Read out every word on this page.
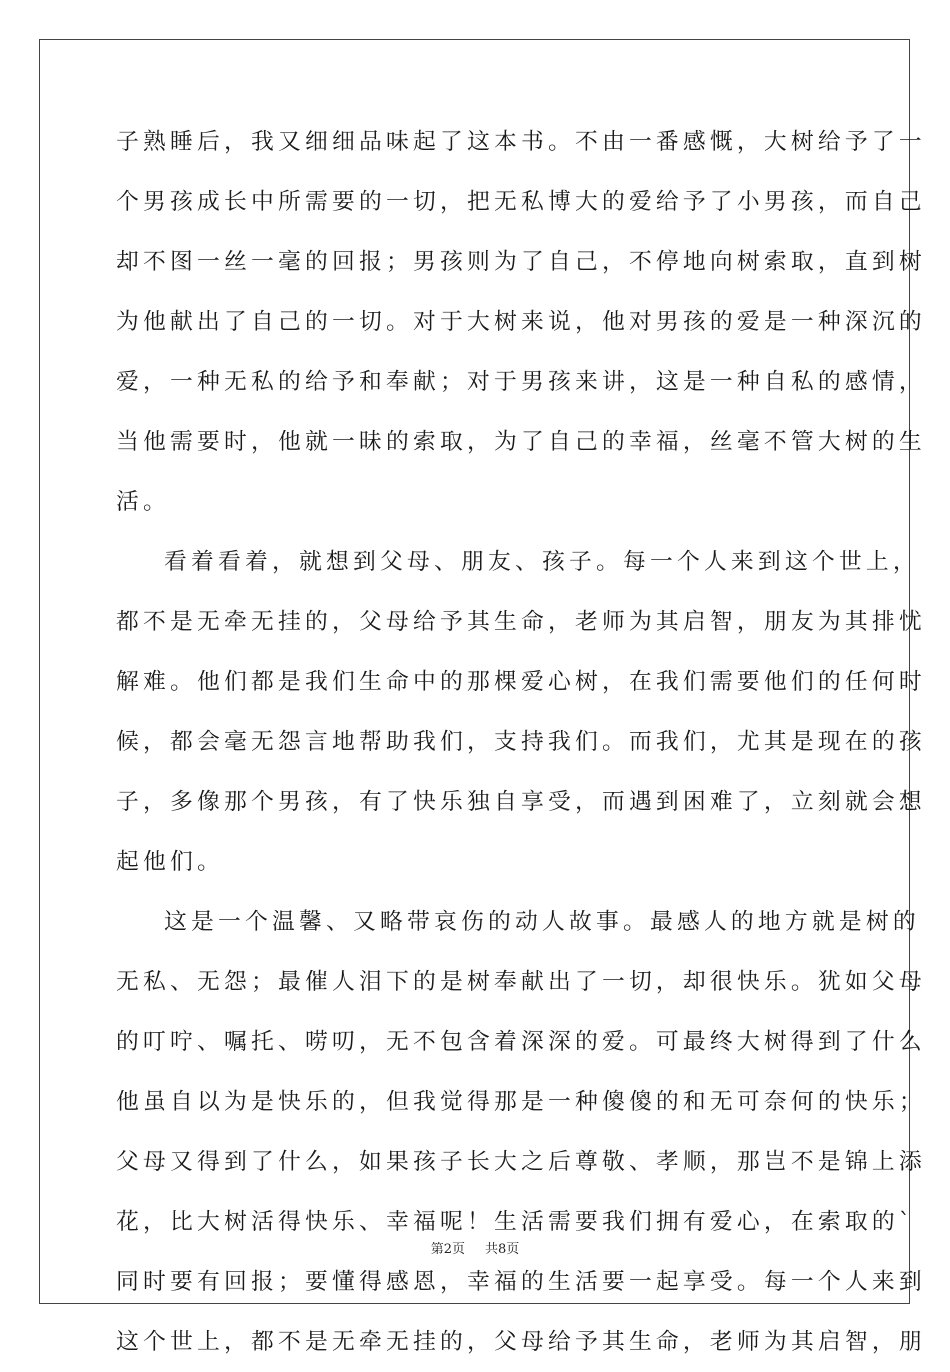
子熟睡后，我又细细品味起了这本书。不由一番感慨，大树给予了一
个男孩成长中所需要的一切，把无私博大的爱给予了小男孩，而自己
却不图一丝一毫的回报；男孩则为了自己，不停地向树索取，直到树
为他献出了自己的一切。对于大树来说，他对男孩的爱是一种深沉的
爱，一种无私的给予和奉献；对于男孩来讲，这是一种自私的感情，
当他需要时，他就一昧的索取，为了自己的幸福，丝毫不管大树的生
活。
看着看着，就想到父母、朋友、孩子。每一个人来到这个世上，
都不是无牵无挂的，父母给予其生命，老师为其启智，朋友为其排忧
解难。他们都是我们生命中的那棵爱心树，在我们需要他们的任何时
候，都会毫无怨言地帮助我们，支持我们。而我们，尤其是现在的孩
子，多像那个男孩，有了快乐独自享受，而遇到困难了，立刻就会想
起他们。
这是一个温馨、又略带哀伤的动人故事。最感人的地方就是树的
无私、无怨；最催人泪下的是树奉献出了一切，却很快乐。犹如父母
的叮咛、嘱托、唠叨，无不包含着深深的爱。可最终大树得到了什么
他虽自以为是快乐的，但我觉得那是一种傻傻的和无可奈何的快乐；
父母又得到了什么，如果孩子长大之后尊敬、孝顺，那岂不是锦上添
花，比大树活得快乐、幸福呢！生活需要我们拥有爱心，在索取的`
同时要有回报；要懂得感恩，幸福的生活要一起享受。每一个人来到
这个世上，都不是无牵无挂的，父母给予其生命，老师为其启智，朋
第2页 共8页
